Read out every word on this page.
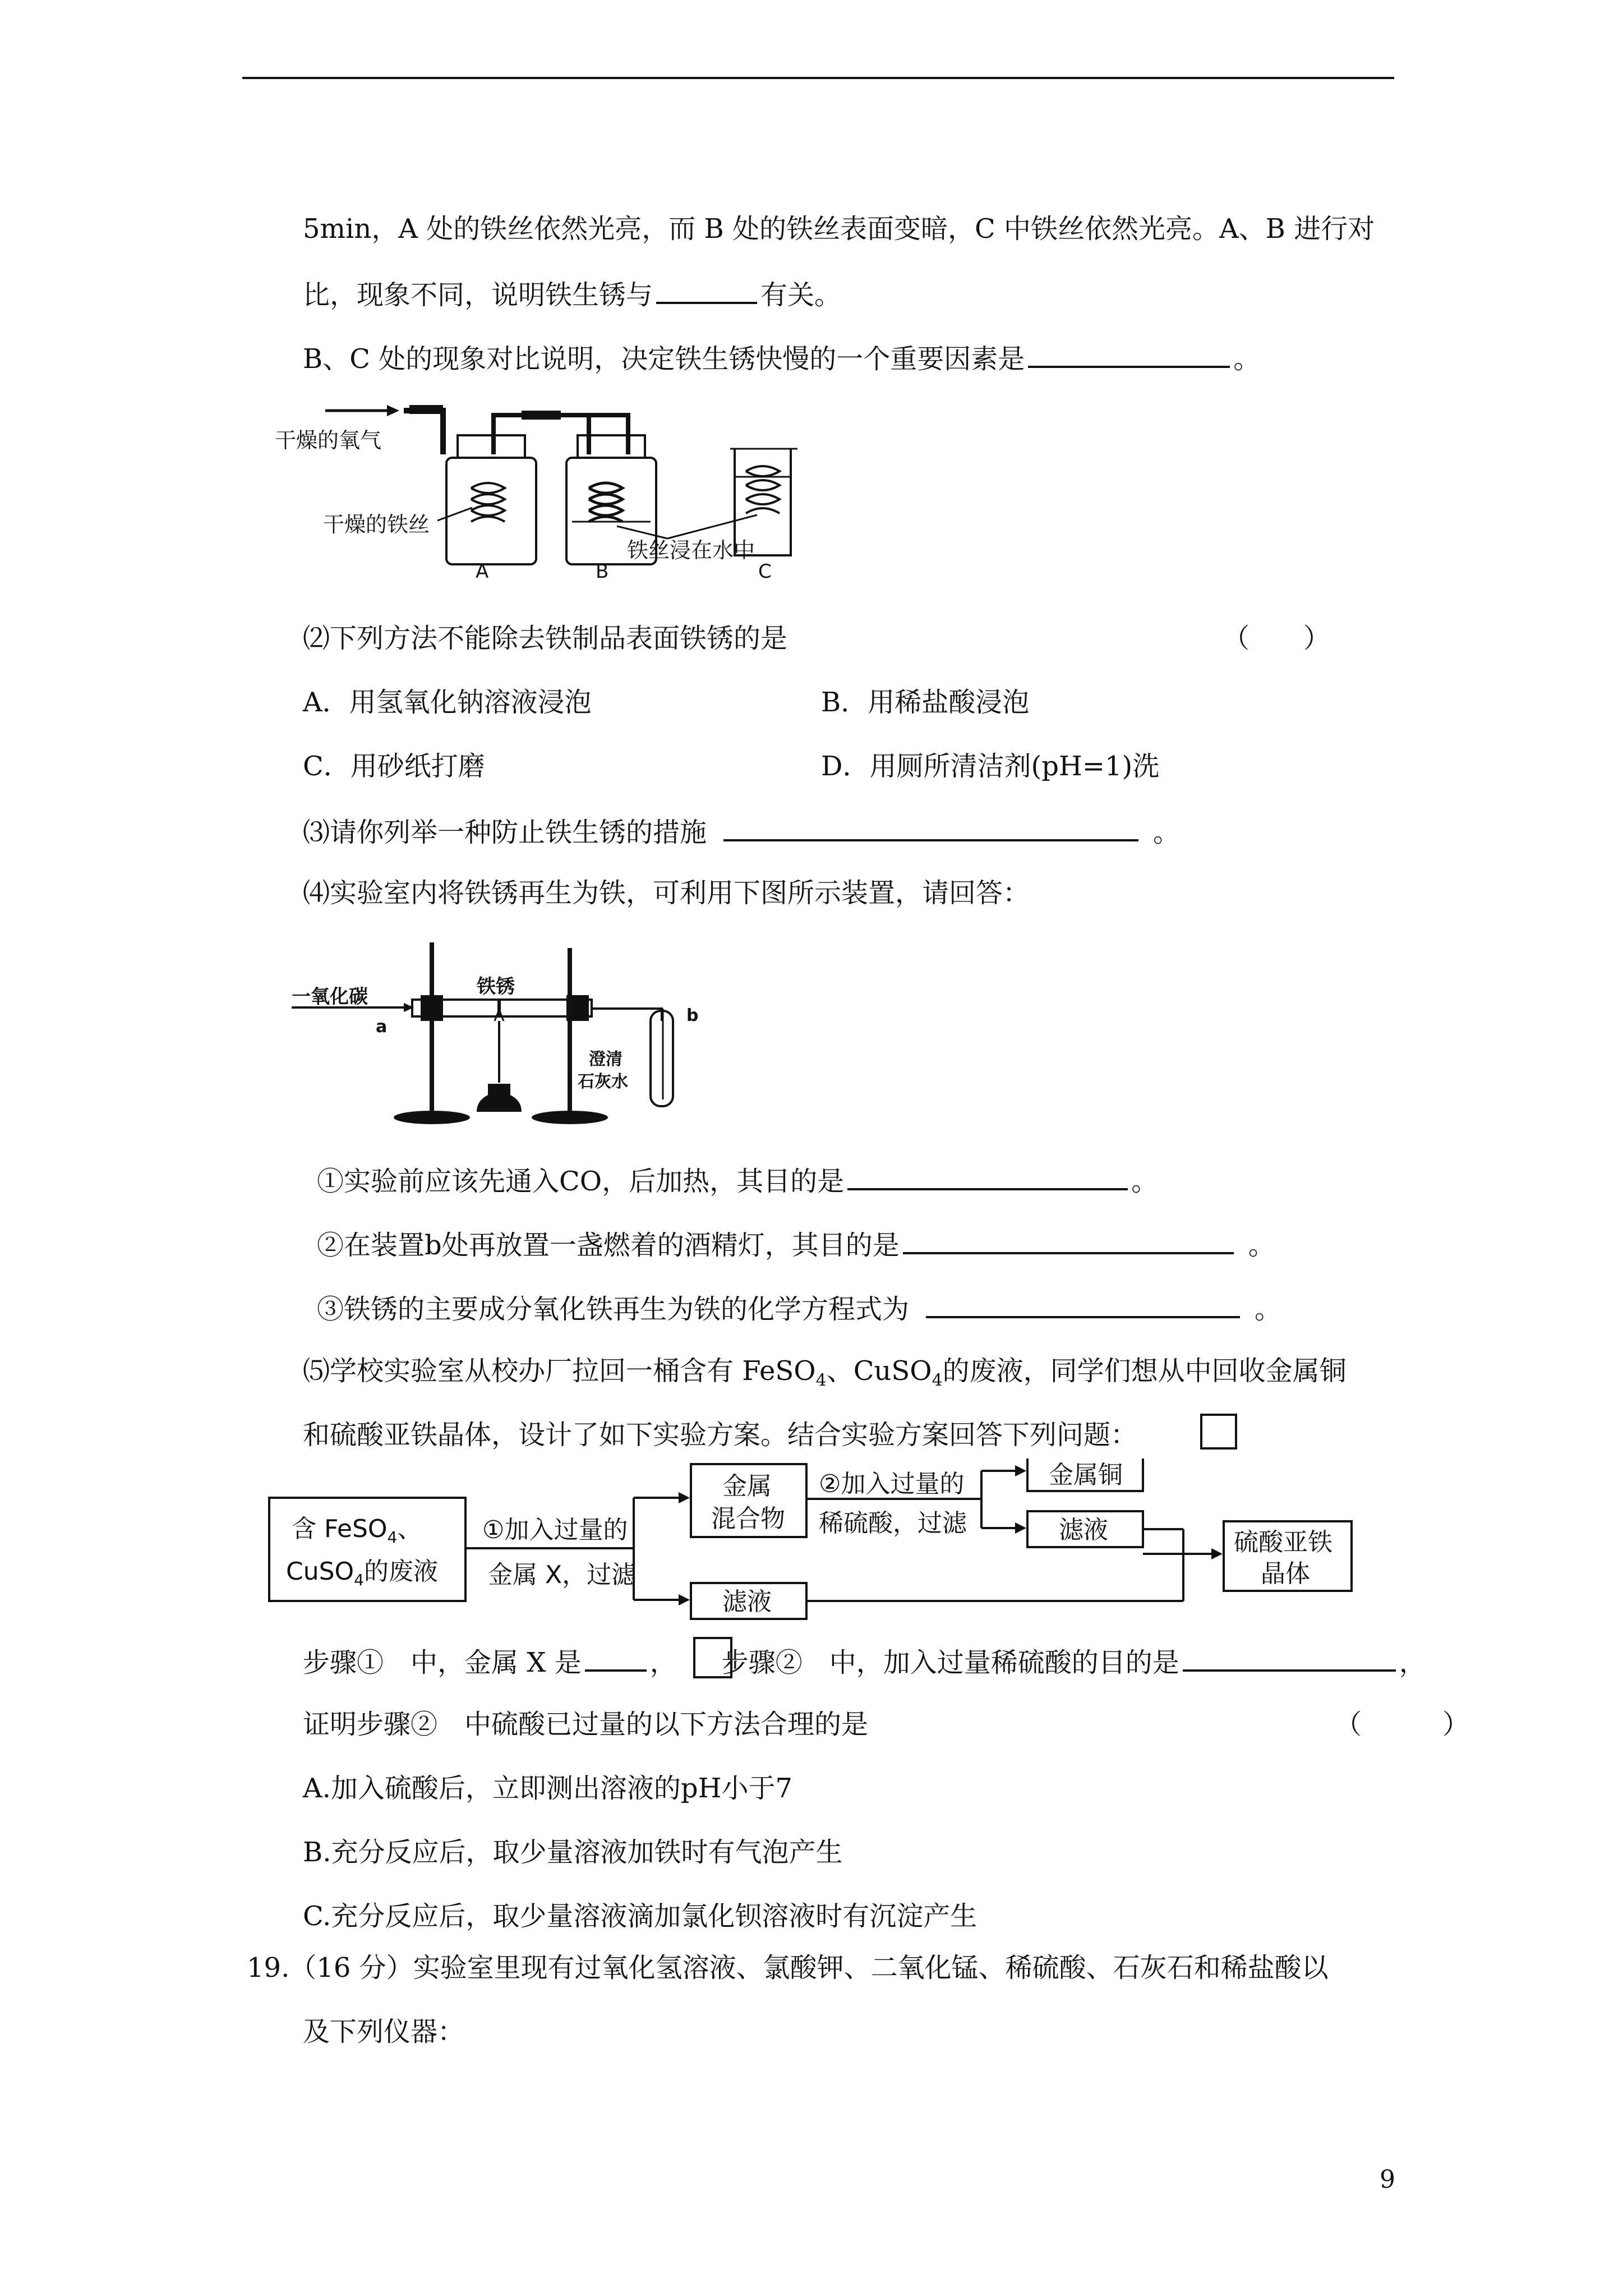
5min，A 处的铁丝依然光亮，而 B 处的铁丝表面变暗，C 中铁丝依然光亮。A、B 进行对
比，现象不同，说明铁生锈与	有关。
B、C 处的现象对比说明，决定铁生锈快慢的一个重要因素是	。
干燥的氧气
干燥的铁丝
铁丝浸在水中
A	B	C
⑵下列方法不能除去铁制品表面铁锈的是	（　　）
A．用氢氧化钠溶液浸泡	B．用稀盐酸浸泡
C．用砂纸打磨	D．用厕所清洁剂(pH=1)洗
⑶请你列举一种防止铁生锈的措施	。
⑷实验室内将铁锈再生为铁，可利用下图所示装置，请回答：
一氧化碳
a
铁锈
b
澄清
石灰水
①实验前应该先通入CO，后加热，其目的是	。
②在装置b处再放置一盏燃着的酒精灯，其目的是	。
③铁锈的主要成分氧化铁再生为铁的化学方程式为	。
⑸学校实验室从校办厂拉回一桶含有 FeSO$_4$、CuSO$_4$的废液，同学们想从中回收金属铜
和硫酸亚铁晶体，设计了如下实验方案。结合实验方案回答下列问题：
含 FeSO$_4$、
CuSO$_4$的废液
①加入过量的
金属 X，过滤
金属
混合物
滤液
②加入过量的
稀硫酸，过滤
金属铜
滤液	硫酸亚铁
晶体
步骤①　中，金属 X 是	， 步骤②　中，加入过量稀硫酸的目的是	，
证明步骤②　中硫酸已过量的以下方法合理的是	（　　　）
A.加入硫酸后，立即测出溶液的pH小于7
B.充分反应后，取少量溶液加铁时有气泡产生
C.充分反应后，取少量溶液滴加氯化钡溶液时有沉淀产生
19.（16 分）实验室里现有过氧化氢溶液、氯酸钾、二氧化锰、稀硫酸、石灰石和稀盐酸以
及下列仪器：
9
